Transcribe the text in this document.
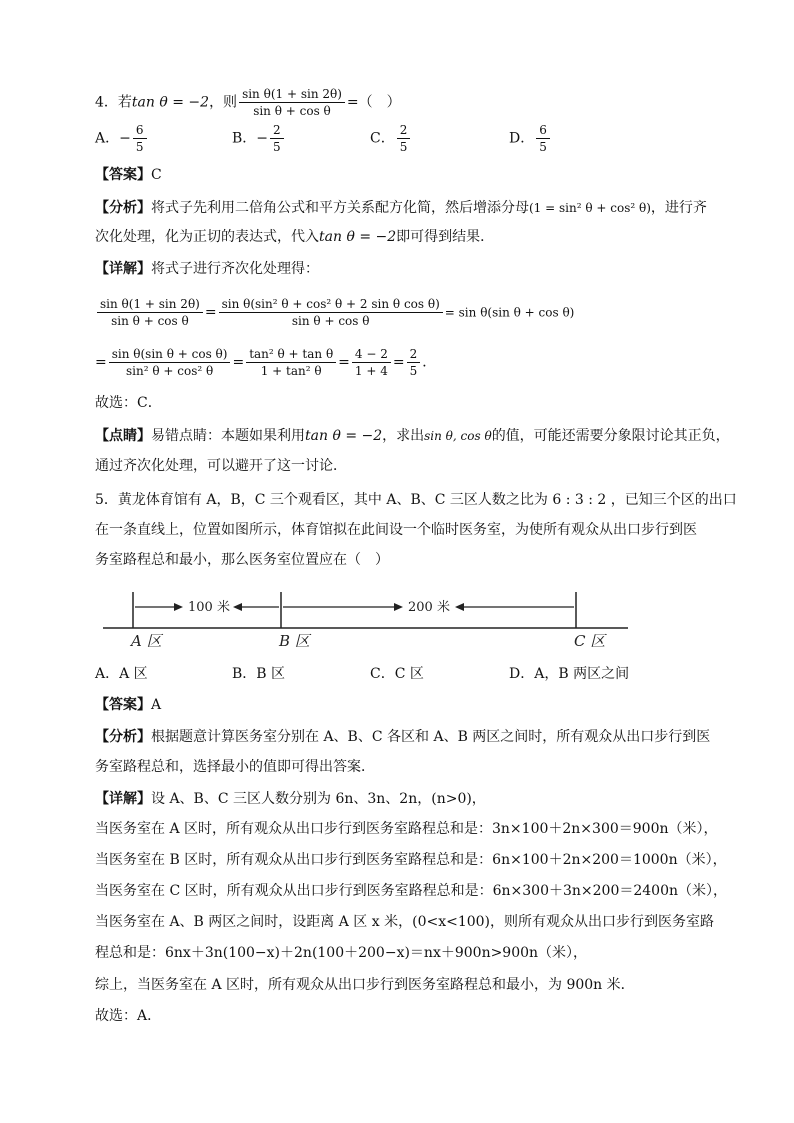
4．若tan θ = −2，则 $\frac{\text{sin θ(1 + sin 2θ)}}{\text{sin θ + cos θ}}$ =（　）
A．− $\frac{6}{5}$	B．− $\frac{2}{5}$	C． $\frac{2}{5}$	D． $\frac{6}{5}$
【答案】C
【分析】将式子先利用二倍角公式和平方关系配方化简，然后增添分母(1 = sin² θ + cos² θ)，进行齐
次化处理，化为正切的表达式，代入tan θ = −2即可得到结果．
【详解】将式子进行齐次化处理得：
$\frac{\text{sin θ(1 + sin 2θ)}}{\text{sin θ + cos θ}} = \frac{\text{sin θ(sin² θ + cos² θ + 2 sin θ cos θ)}}{\text{sin θ + cos θ}} = \sin \theta(\sin$ θ + cos θ)
= $\frac{\text{sin θ(sin θ + cos θ)}}{\text{sin² θ + cos² θ}} = \frac{\text{tan² θ + tan θ}}{\text{1 + tan² θ}} = \frac{4 - 2}{1 + 4} = \frac{2}{5}$ ．
故选：C．
【点睛】易错点睛：本题如果利用tan θ = −2，求出sin θ, cos θ的值，可能还需要分象限讨论其正负，
通过齐次化处理，可以避开了这一讨论．
5．黄龙体育馆有 A，B，C 三个观看区，其中 A、B、C 三区人数之比为 6 : 3 : 2 ，已知三个区的出口
在一条直线上，位置如图所示，体育馆拟在此间设一个临时医务室，为使所有观众从出口步行到医
务室路程总和最小，那么医务室位置应在（　）
100 米	200 米
A 区	B 区	C 区
A．A 区	B．B 区	C．C 区	D．A，B 两区之间
【答案】A
【分析】根据题意计算医务室分别在 A、B、C 各区和 A、B 两区之间时，所有观众从出口步行到医
务室路程总和，选择最小的值即可得出答案．
【详解】设 A、B、C 三区人数分别为 6n、3n、2n，(n>0)，
当医务室在 A 区时，所有观众从出口步行到医务室路程总和是：3n×100＋2n×300＝900n（米），
当医务室在 B 区时，所有观众从出口步行到医务室路程总和是：6n×100＋2n×200＝1000n（米），
当医务室在 C 区时，所有观众从出口步行到医务室路程总和是：6n×300＋3n×200＝2400n（米），
当医务室在 A、B 两区之间时，设距离 A 区 x 米，(0<x<100)，则所有观众从出口步行到医务室路
程总和是：6nx＋3n(100−x)＋2n(100＋200−x)＝nx＋900n>900n（米），
综上，当医务室在 A 区时，所有观众从出口步行到医务室路程总和最小，为 900n 米．
故选：A．
